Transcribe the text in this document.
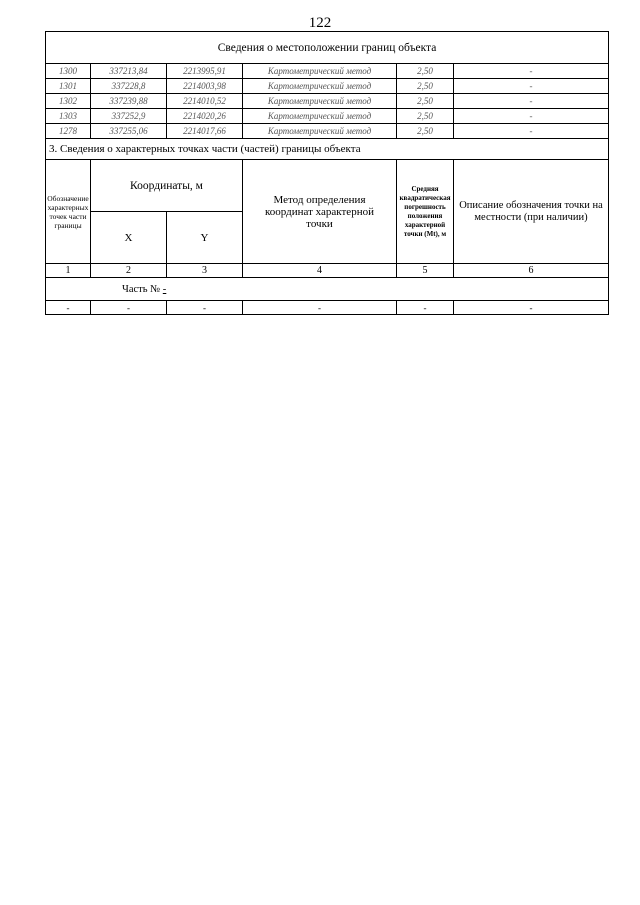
122
Сведения о местоположении границ объекта					
1300	337213,84	2213995,91	Картометрический метод	2,50	-
1301	337228,8	2214003,98	Картометрический метод	2,50	-
1302	337239,88	2214010,52	Картометрический метод	2,50	-
1303	337252,9	2214020,26	Картометрический метод	2,50	-
1278	337255,06	2214017,66	Картометрический метод	2,50	-
3. Сведения о характерных точках части (частей) границы объекта					
Обозначение характерных точек части границы	Координаты, м		Метод определения координат характерной точки	Средняя квадратическая погрешность положения характерной точки (Mt), м	Описание обозначения точки на местности (при наличии)
	X	Y			
1	2	3	4	5	6
Часть № -					
-	-	-	-	-	-
